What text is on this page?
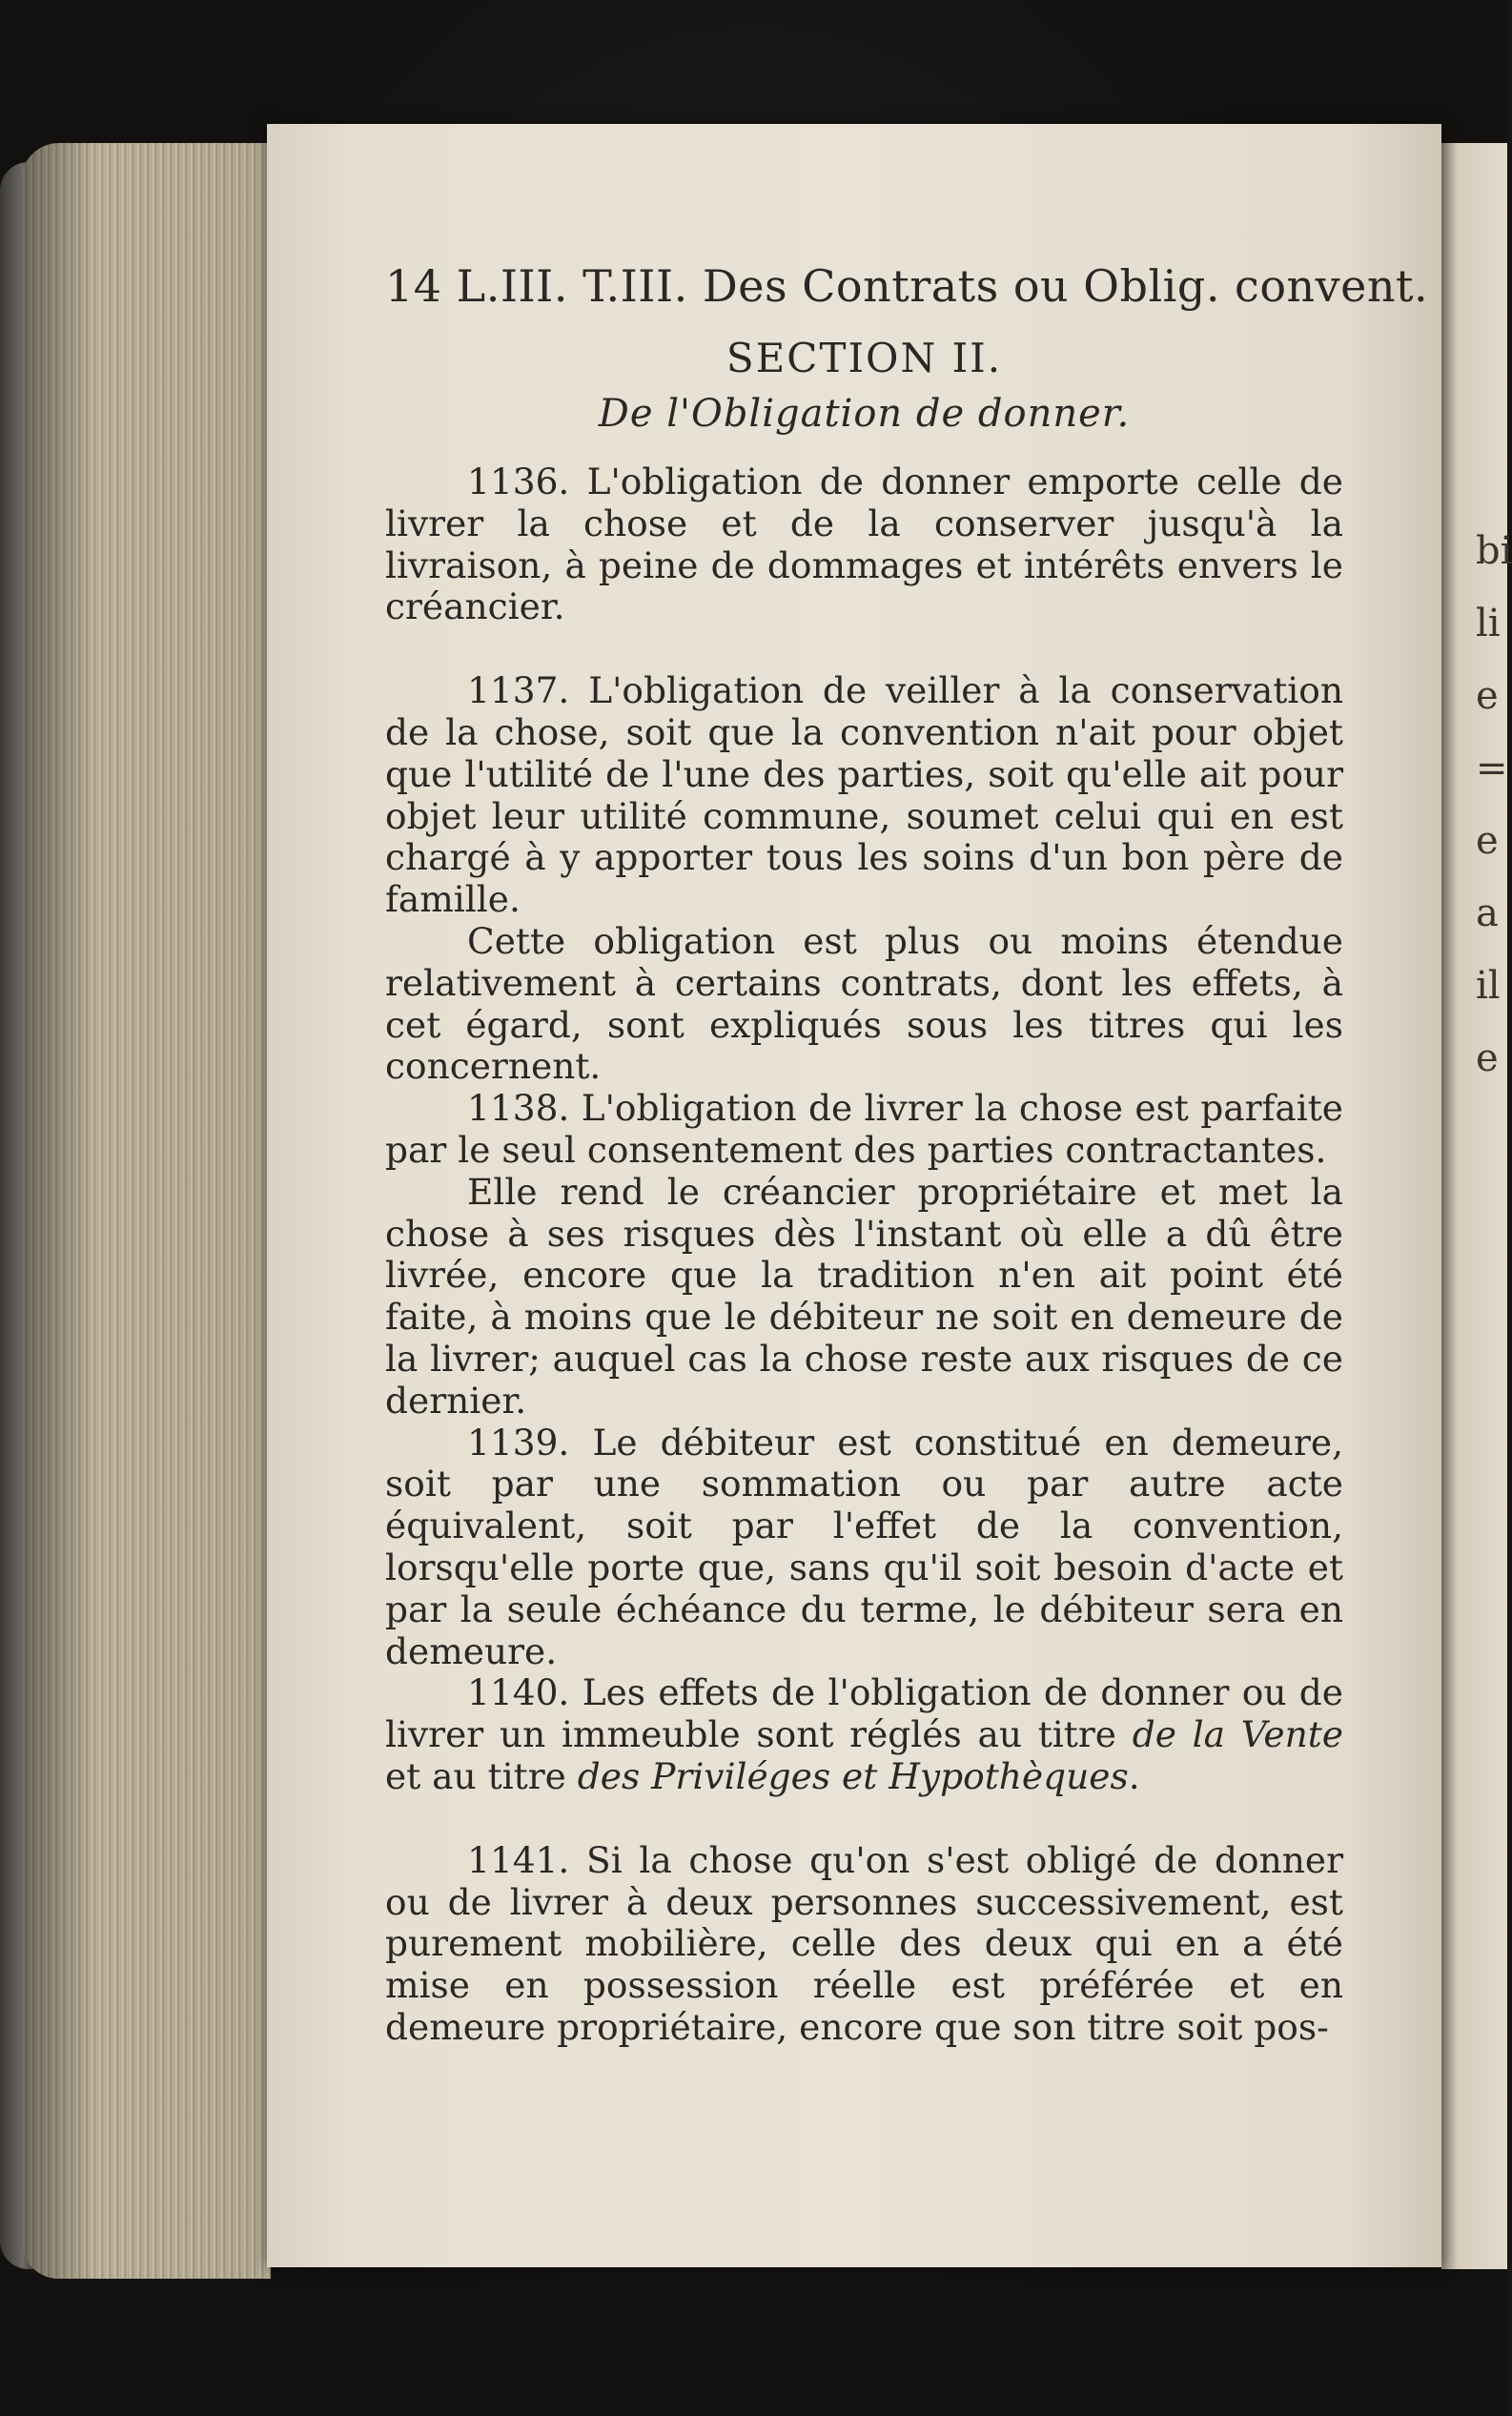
bi
li
e
=
e
a
il
e
14 L.III. T.III. Des Contrats ou Oblig. convent.
SECTION II.
De l'Obligation de donner.

1136. L'obligation de donner emporte celle de livrer la chose et de la conserver jusqu'à la livraison, à peine de dommages et intérêts envers le créancier.

1137. L'obligation de veiller à la conservation de la chose, soit que la convention n'ait pour objet que l'utilité de l'une des parties, soit qu'elle ait pour objet leur utilité commune, soumet celui qui en est chargé à y apporter tous les soins d'un bon père de famille.

Cette obligation est plus ou moins étendue relativement à certains contrats, dont les effets, à cet égard, sont expliqués sous les titres qui les concernent.

1138. L'obligation de livrer la chose est parfaite par le seul consentement des parties contractantes.

Elle rend le créancier propriétaire et met la chose à ses risques dès l'instant où elle a dû être livrée, encore que la tradition n'en ait point été faite, à moins que le débiteur ne soit en demeure de la livrer; auquel cas la chose reste aux risques de ce dernier.

1139. Le débiteur est constitué en demeure, soit par une sommation ou par autre acte équivalent, soit par l'effet de la convention, lorsqu'elle porte que, sans qu'il soit besoin d'acte et par la seule échéance du terme, le débiteur sera en demeure.

1140. Les effets de l'obligation de donner ou de livrer un immeuble sont réglés au titre de la Vente et au titre des Priviléges et Hypothèques.

1141. Si la chose qu'on s'est obligé de donner ou de livrer à deux personnes successivement, est purement mobilière, celle des deux qui en a été mise en possession réelle est préférée et en demeure propriétaire, encore que son titre soit pos-
